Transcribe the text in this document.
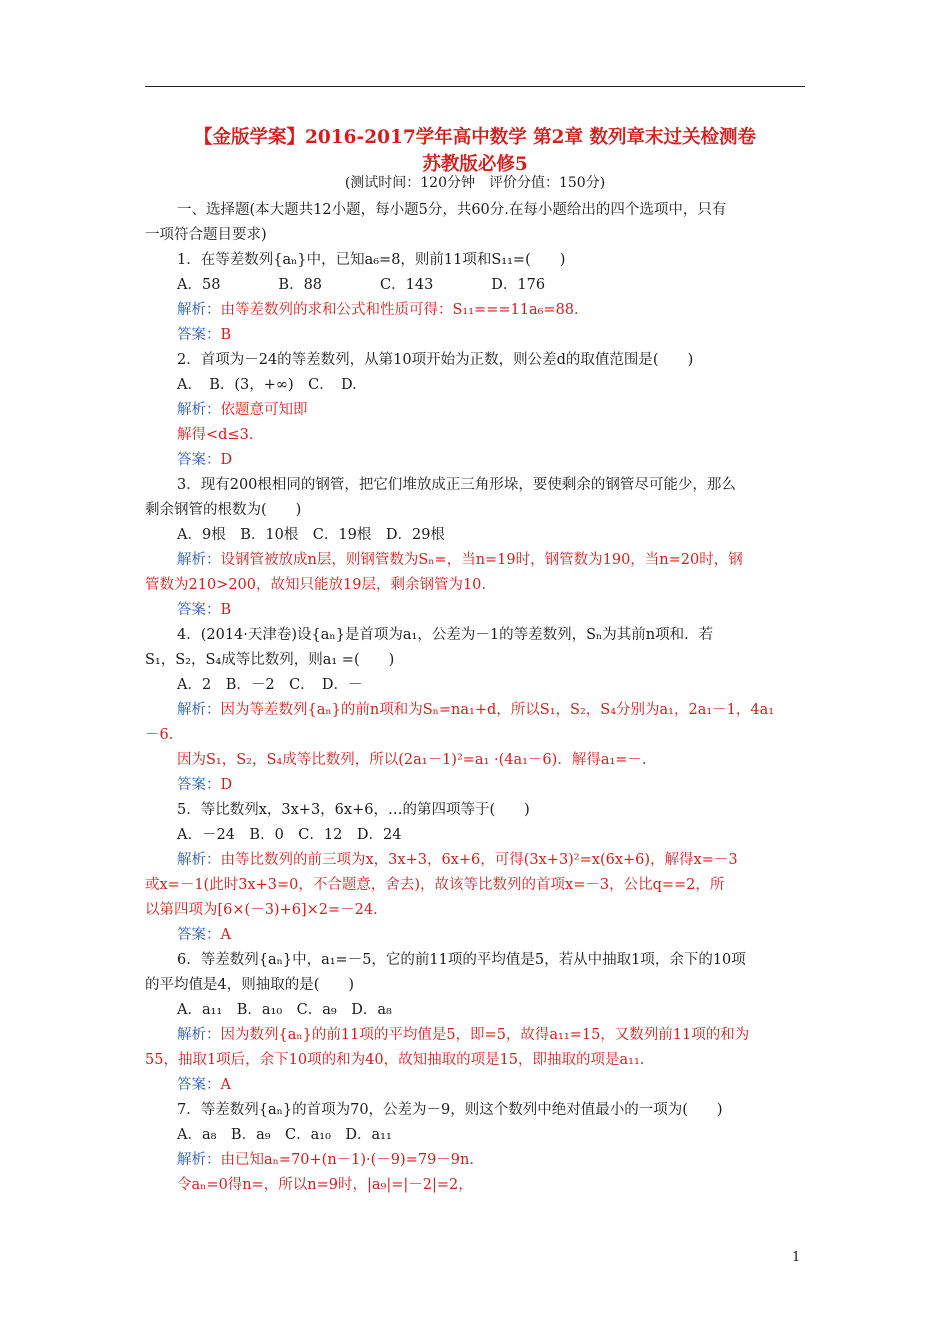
【金版学案】2016-2017学年高中数学 第2章 数列章末过关检测卷
苏教版必修5
(测试时间：120分钟　评价分值：150分)
一、选择题(本大题共12小题，每小题5分，共60分.在每小题给出的四个选项中，只有
一项符合题目要求)
1．在等差数列{aₙ}中，已知a₆=8，则前11项和S₁₁=(　　)
A．58　　　　B．88　　　　C．143　　　　D．176
解析：由等差数列的求和公式和性质可得：S₁₁===11a₆=88.
答案：B
2．首项为－24的等差数列，从第10项开始为正数，则公差d的取值范围是(　　)
A．　B．(3，+∞)　C．　D.
解析：依题意可知即
解得<d≤3.
答案：D
3．现有200根相同的钢管，把它们堆放成正三角形垛，要使剩余的钢管尽可能少，那么
剩余钢管的根数为(　　)
A．9根　B．10根　C．19根　D．29根
解析：设钢管被放成n层，则钢管数为Sₙ=，当n=19时，钢管数为190，当n=20时，钢
管数为210>200，故知只能放19层，剩余钢管为10.
答案：B
4．(2014·天津卷)设{aₙ}是首项为a₁，公差为－1的等差数列，Sₙ为其前n项和．若
S₁，S₂，S₄成等比数列，则a₁ =(　　)
A．2　B．－2　C．　D．－
解析：因为等差数列{aₙ}的前n项和为Sₙ=na₁+d，所以S₁，S₂，S₄分别为a₁，2a₁－1，4a₁
－6.
因为S₁，S₂，S₄成等比数列，所以(2a₁－1)²=a₁ ·(4a₁－6)．解得a₁=－.
答案：D
5．等比数列x，3x+3，6x+6，…的第四项等于(　　)
A．－24　B．0　C．12　D．24
解析：由等比数列的前三项为x，3x+3，6x+6，可得(3x+3)²=x(6x+6)，解得x=－3
或x=－1(此时3x+3=0，不合题意，舍去)，故该等比数列的首项x=－3，公比q==2，所
以第四项为[6×(－3)+6]×2=－24.
答案：A
6．等差数列{aₙ}中，a₁=－5，它的前11项的平均值是5，若从中抽取1项，余下的10项
的平均值是4，则抽取的是(　　)
A．a₁₁　B．a₁₀　C．a₉　D．a₈
解析：因为数列{aₙ}的前11项的平均值是5，即=5，故得a₁₁=15，又数列前11项的和为
55，抽取1项后，余下10项的和为40，故知抽取的项是15，即抽取的项是a₁₁.
答案：A
7．等差数列{aₙ}的首项为70，公差为－9，则这个数列中绝对值最小的一项为(　　)
A．a₈　B．a₉　C．a₁₀　D．a₁₁
解析：由已知aₙ=70+(n－1)·(－9)=79－9n.
令aₙ=0得n=，所以n=9时，|a₉|=|－2|=2，
1
